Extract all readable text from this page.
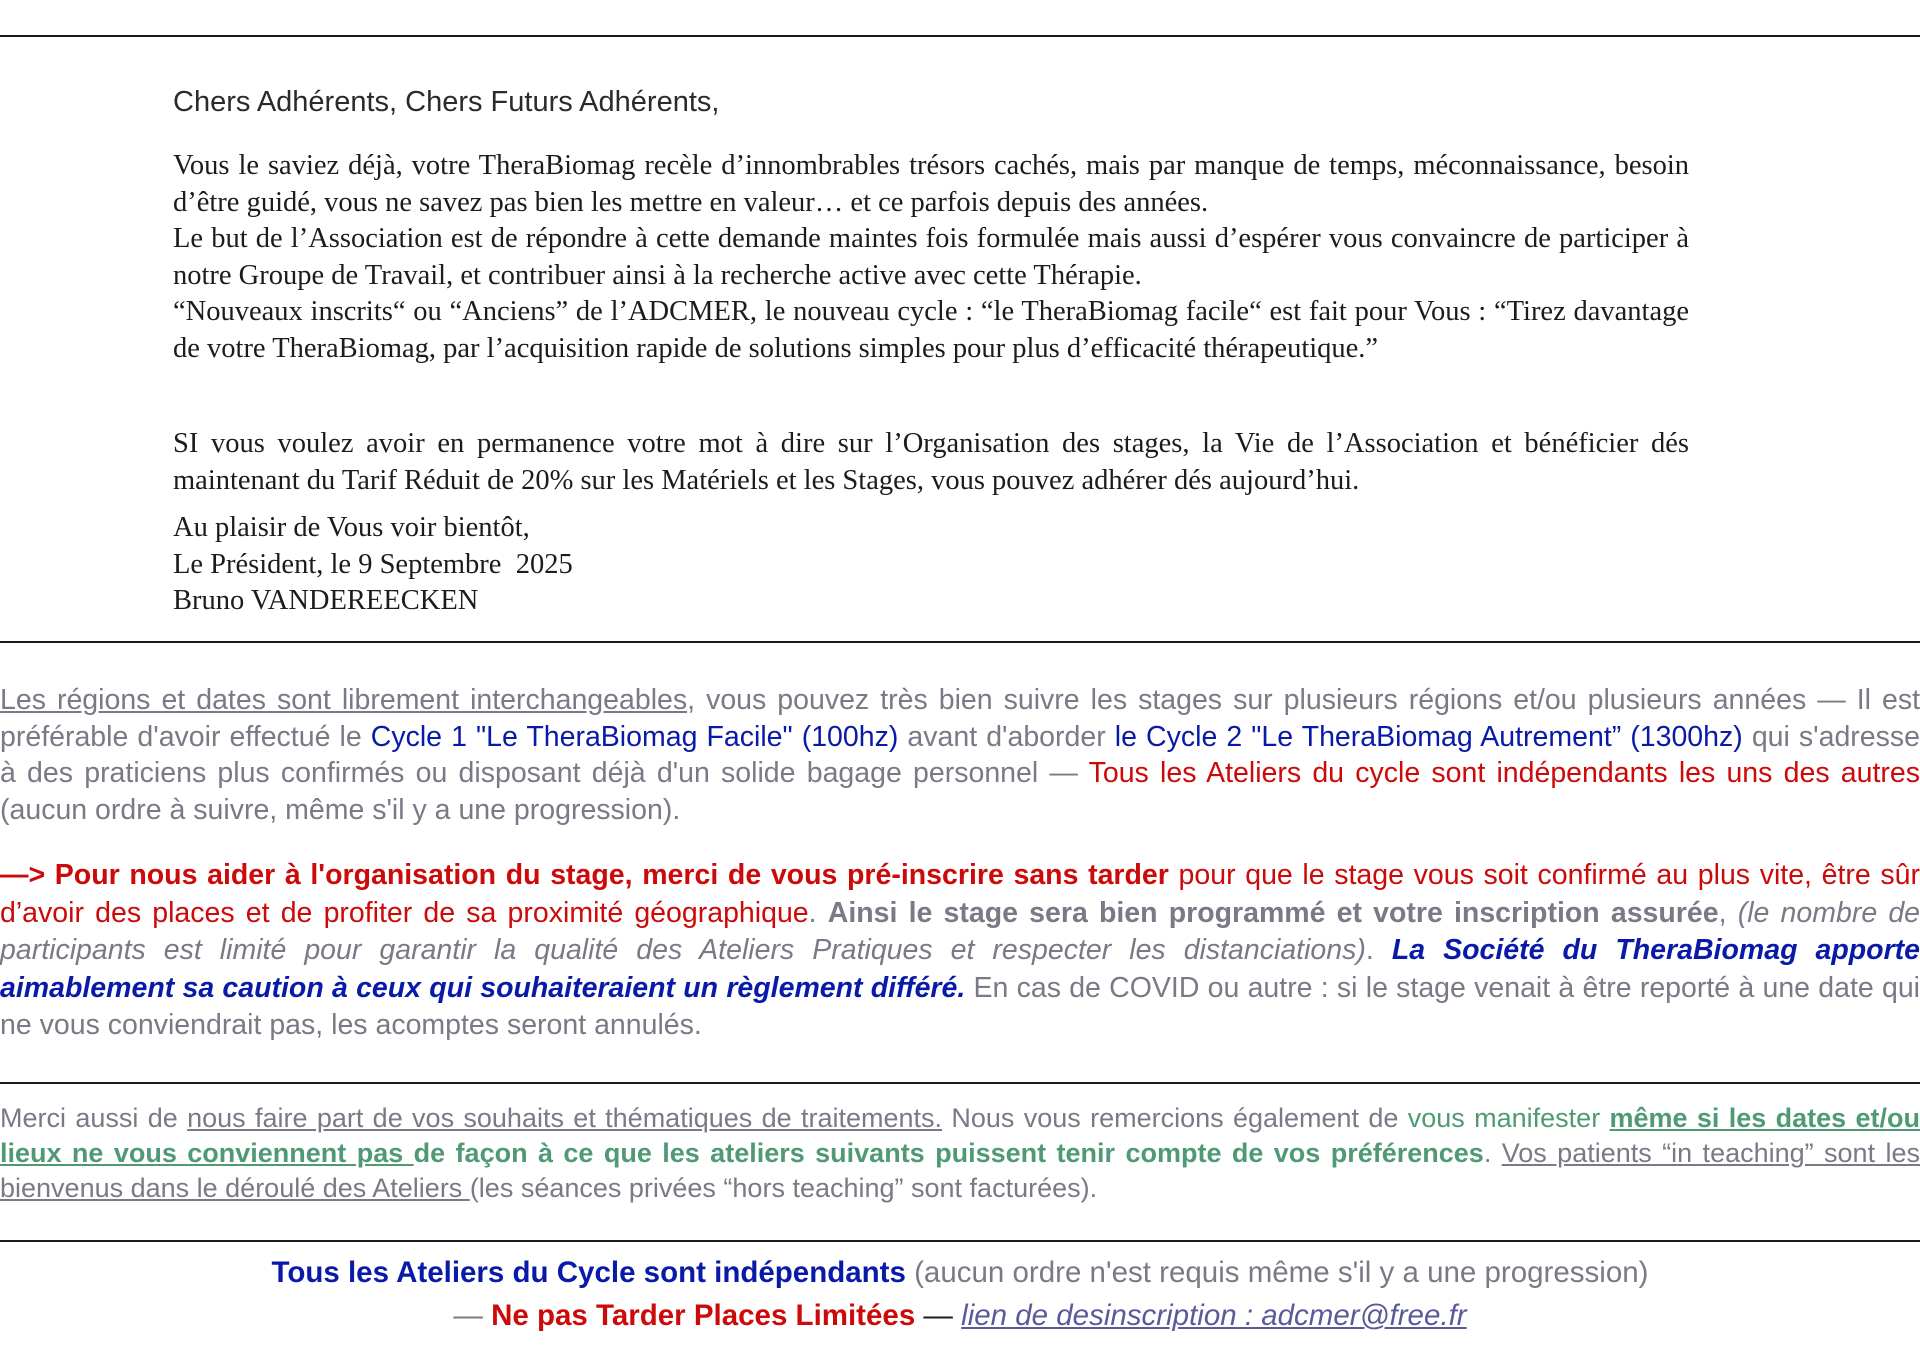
Chers Adhérents, Chers Futurs Adhérents,
Vous le saviez déjà, votre TheraBiomag recèle d’innombrables trésors cachés, mais par manque de temps, méconnaissance, besoin d’être guidé, vous ne savez pas bien les mettre en valeur… et ce parfois depuis des années.
Le but de l’Association est de répondre à cette demande maintes fois formulée mais aussi d’espérer vous convaincre de participer à notre Groupe de Travail, et contribuer ainsi à la recherche active avec cette Thérapie.
“Nouveaux inscrits“ ou “Anciens” de l’ADCMER, le nouveau cycle : “le TheraBiomag facile“ est fait pour Vous : “Tirez davantage de votre TheraBiomag, par l’acquisition rapide de solutions simples pour plus d’efficacité thérapeutique.”
SI vous voulez avoir en permanence votre mot à dire sur l’Organisation des stages, la Vie de l’Association et bénéficier dés maintenant du Tarif Réduit de 20% sur les Matériels et les Stages, vous pouvez adhérer dés aujourd’hui.
Au plaisir de Vous voir bientôt,
Le Président, le 9 Septembre  2025
Bruno VANDEREECKEN
Les régions et dates sont librement interchangeables, vous pouvez très bien suivre les stages sur plusieurs régions et/ou plusieurs années — Il est préférable d'avoir effectué le Cycle 1 "Le TheraBiomag Facile" (100hz) avant d'aborder le Cycle 2 "Le TheraBiomag Autrement” (1300hz) qui s'adresse à des praticiens plus confirmés ou disposant déjà d'un solide bagage personnel — Tous les Ateliers du cycle sont indépendants les uns des autres (aucun ordre à suivre, même s'il y a une progression).
—> Pour nous aider à l'organisation du stage, merci de vous pré-inscrire sans tarder pour que le stage vous soit confirmé au plus vite, être sûr d’avoir des places et de profiter de sa proximité géographique. Ainsi le stage sera bien programmé et votre inscription assurée, (le nombre de participants est limité pour garantir la qualité des Ateliers Pratiques et respecter les distanciations). La Société du TheraBiomag apporte aimablement sa caution à ceux qui souhaiteraient un règlement différé. En cas de COVID ou autre : si le stage venait à être reporté à une date qui ne vous conviendrait pas, les acomptes seront annulés.
Merci aussi de nous faire part de vos souhaits et thématiques de traitements. Nous vous remercions également de vous manifester même si les dates et/ou lieux ne vous conviennent pas de façon à ce que les ateliers suivants puissent tenir compte de vos préférences. Vos patients “in teaching” sont les bienvenus dans le déroulé des Ateliers (les séances privées “hors teaching” sont facturées).
Tous les Ateliers du Cycle sont indépendants (aucun ordre n'est requis même s'il y a une progression)
— Ne pas Tarder Places Limitées — lien de desinscription : adcmer@free.fr
